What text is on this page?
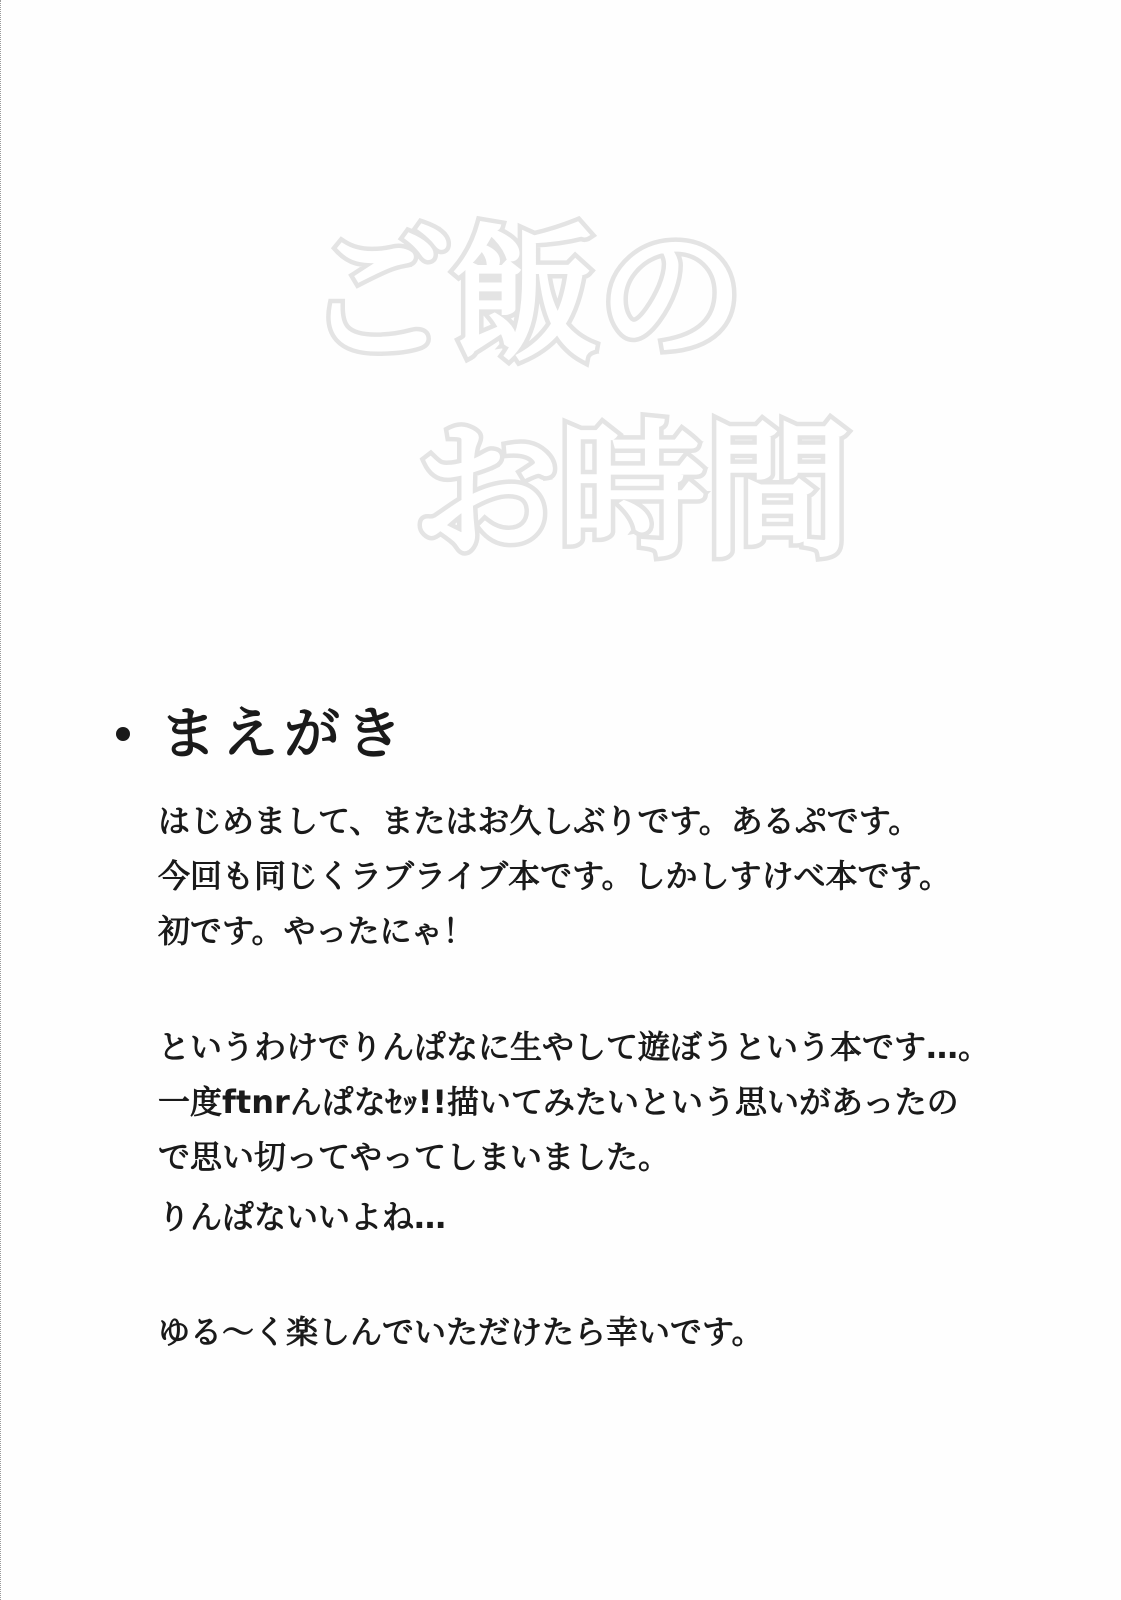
ご飯の
お時間
まえがき
はじめまして、またはお久しぶりです。あるぷです。
今回も同じくラブライブ本です。しかしすけべ本です。
初です。やったにゃ！
というわけでりんぱなに生やして遊ぼうという本です…。
一度ftnrんぱなｾｯ!!描いてみたいという思いがあったの
で思い切ってやってしまいました。
りんぱないいよね…
ゆる～く楽しんでいただけたら幸いです。
